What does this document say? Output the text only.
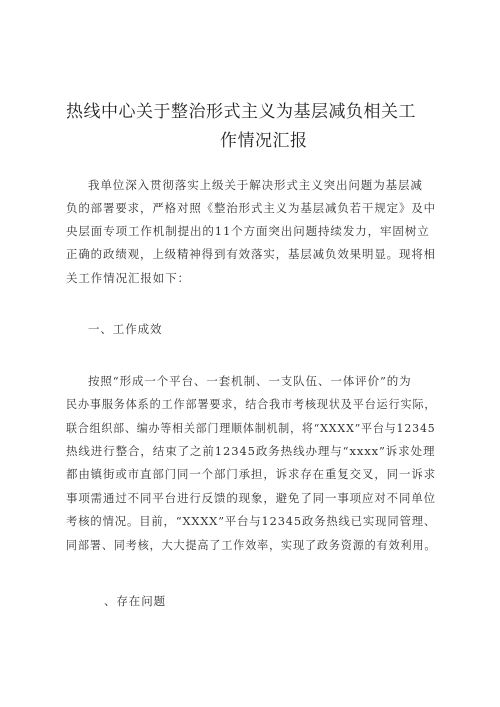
热线中心关于整治形式主义为基层减负相关工
作情况汇报
我单位深入贯彻落实上级关于解决形式主义突出问题为基层减
负的部署要求，严格对照《整治形式主义为基层减负若干规定》及中
央层面专项工作机制提出的11个方面突出问题持续发力，牢固树立
正确的政绩观，上级精神得到有效落实，基层减负效果明显。现将相
关工作情况汇报如下：
一、工作成效
按照“形成一个平台、一套机制、一支队伍、一体评价”的为
民办事服务体系的工作部署要求，结合我市考核现状及平台运行实际，
联合组织部、编办等相关部门理顺体制机制，将“XXXX”平台与12345
热线进行整合，结束了之前12345政务热线办理与“xxxx”诉求处理
都由镇街或市直部门同一个部门承担，诉求存在重复交叉，同一诉求
事项需通过不同平台进行反馈的现象，避免了同一事项应对不同单位
考核的情况。目前，“XXXX”平台与12345政务热线已实现同管理、
同部署、同考核，大大提高了工作效率，实现了政务资源的有效利用。
、存在问题
